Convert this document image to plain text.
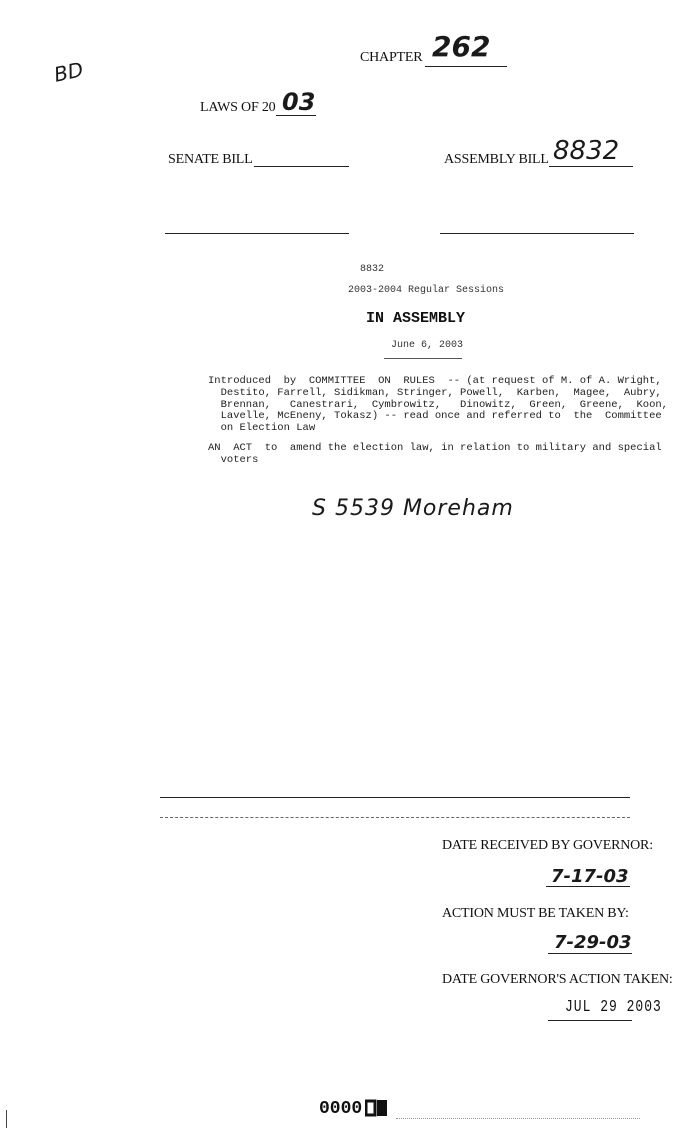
BD	CHAPTER 262
LAWS OF 20 03
SENATE BILL	ASSEMBLY BILL 8832
8832
2003-2004 Regular Sessions
IN ASSEMBLY
June 6, 2003
Introduced  by  COMMITTEE  ON  RULES  -- (at request of M. of A. Wright,
Destito, Farrell, Sidikman, Stringer, Powell,  Karben,  Magee,  Aubry,
Brennan,   Canestrari,  Cymbrowitz,   Dinowitz,  Green,  Greene,  Koon,
Lavelle, McEneny, Tokasz) -- read once and referred to  the  Committee
on Election Law
AN  ACT  to  amend the election law, in relation to military and special
voters
S 5539 Moreham
DATE RECEIVED BY GOVERNOR:
7-17-03
ACTION MUST BE TAKEN BY:
7-29-03
DATE GOVERNOR'S ACTION TAKEN:
JUL 29 2003
0000
